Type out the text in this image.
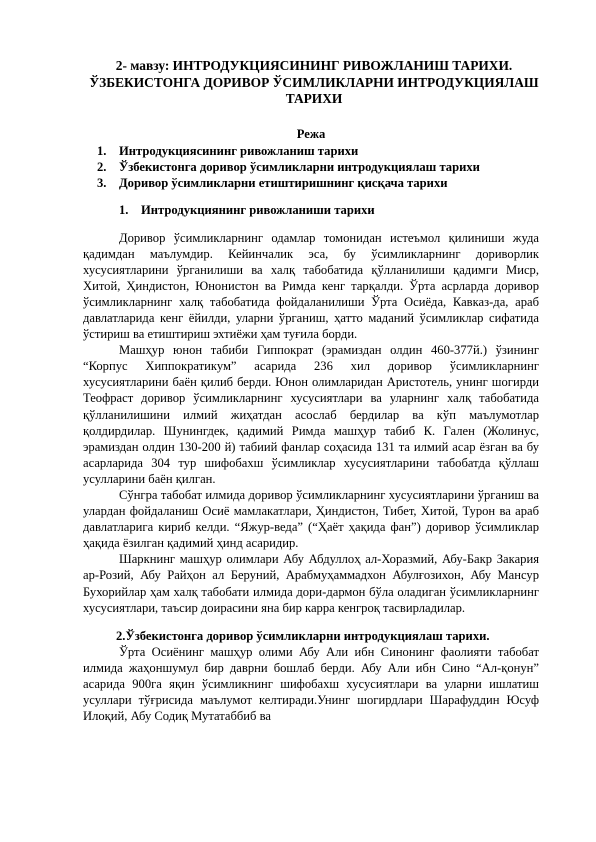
2- мавзу: ИНТРОДУКЦИЯСИНИНГ РИВОЖЛАНИШ ТАРИХИ. ЎЗБЕКИСТОНГА ДОРИВОР ЎСИМЛИКЛАРНИ ИНТРОДУКЦИЯЛАШ ТАРИХИ
Режа
1. Интродукциясининг ривожланиш тарихи
2. Ўзбекистонга доривор ўсимликларни интродукциялаш тарихи
3. Доривор ўсимликларни етиштиришнинг қисқача тарихи
1. Интродукциянинг ривожланиши тарихи

Доривор ўсимликларнинг одамлар томонидан истеъмол қилиниши жуда қадимдан маълумдир. Кейинчалик эса, бу ўсимликларнинг дориворлик хусусиятларини ўрганилиши ва халқ табобатида қўлланилиши қадимги Миср, Хитой, Ҳиндистон, Юнонистон ва Римда кенг тарқалди. Ўрта асрларда доривор ўсимликларнинг халқ табобатида фойдаланилиши Ўрта Осиёда, Кавказ-да, араб давлатларида кенг ёйилди, уларни ўрганиш, ҳатто маданий ўсимликлар сифатида ўстириш ва етиштириш эхтиёжи ҳам туғила борди.

Машҳур юнон табиби Гиппократ (эрамиздан олдин 460-377й.) ўзининг “Корпус Хиппократикум” асарида 236 хил доривор ўсимликларнинг хусусиятларини баён қилиб берди. Юнон олимларидан Аристотель, унинг шогирди Теофраст доривор ўсимликларнинг хусусиятлари ва уларнинг халқ табобатида қўлланилишини илмий жиҳатдан асослаб бердилар ва кўп маълумотлар қолдирдилар. Шунингдек, қадимий Римда машҳур табиб К. Гален (Жолинус, эрамиздан олдин 130-200 й) табиий фанлар соҳасида 131 та илмий асар ёзган ва бу асарларида 304 тур шифобахш ўсимликлар хусусиятларини табобатда қўллаш усулларини баён қилган.

Сўнгра табобат илмида доривор ўсимликларнинг хусусиятларини ўрганиш ва улардан фойдаланиш Осиё мамлакатлари, Ҳиндистон, Тибет, Хитой, Турон ва араб давлатларига кириб келди. “Яжур-веда” (“Ҳаёт ҳақида фан”) доривор ўсимликлар ҳақида ёзилган қадимий ҳинд асаридир.

Шаркнинг машҳур олимлари Абу Абдуллоҳ ал-Хоразмий, Абу-Бакр Закария ар-Розий, Абу Райҳон ал Беруний, Арабмуҳаммадхон Абулғозихон, Абу Мансур Бухорийлар ҳам халқ табобати илмида дори-дармон бўла оладиган ўсимликларнинг хусусиятлари, таъсир доирасини яна бир карра кенгроқ тасвирладилар.

2.Ўзбекистонга доривор ўсимликларни интродукциялаш тарихи.

Ўрта Осиёнинг машҳур олими Абу Али ибн Синонинг фаолияти табобат илмида жаҳоншумул бир даврни бошлаб берди. Абу Али ибн Сино “Ал-қонун” асарида 900га яқин ўсимликнинг шифобахш хусусиятлари ва уларни ишлатиш усуллари тўғрисида маълумот келтиради.Унинг шогирдлари Шарафуддин Юсуф Илоқий, Абу Содиқ Мутатаббиб ва
